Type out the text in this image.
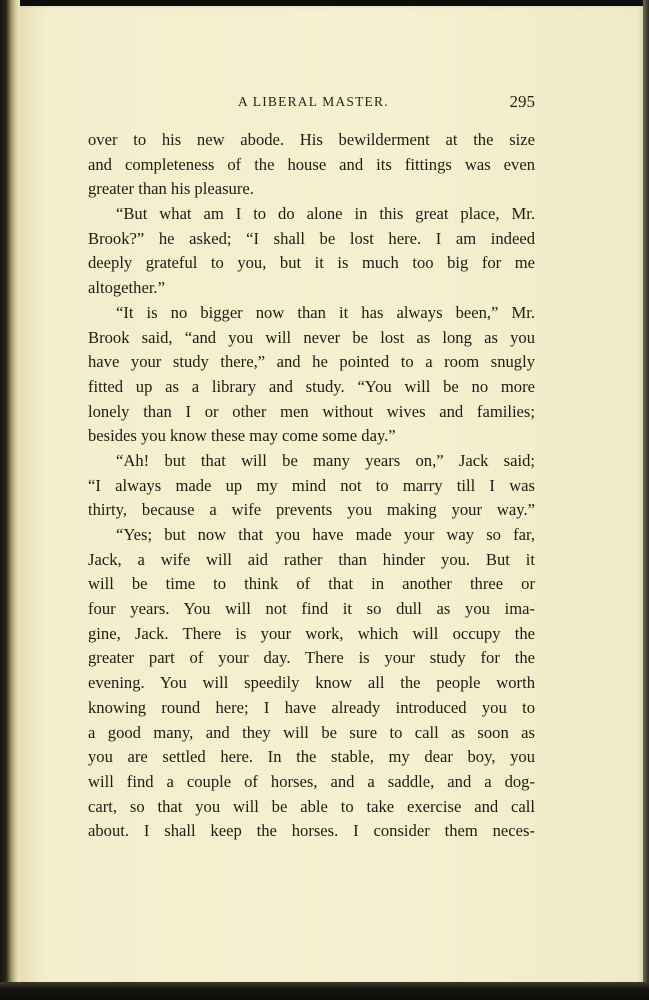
A LIBERAL MASTER.	295
over to his new abode. His bewilderment at the size
and completeness of the house and its fittings was even
greater than his pleasure.
“But what am I to do alone in this great place, Mr.
Brook?” he asked; “I shall be lost here. I am indeed
deeply grateful to you, but it is much too big for me
altogether.”
“It is no bigger now than it has always been,” Mr.
Brook said, “and you will never be lost as long as you
have your study there,” and he pointed to a room snugly
fitted up as a library and study. “You will be no more
lonely than I or other men without wives and families;
besides you know these may come some day.”
“Ah! but that will be many years on,” Jack said;
“I always made up my mind not to marry till I was
thirty, because a wife prevents you making your way.”
“Yes; but now that you have made your way so far,
Jack, a wife will aid rather than hinder you. But it
will be time to think of that in another three or
four years. You will not find it so dull as you ima-
gine, Jack. There is your work, which will occupy the
greater part of your day. There is your study for the
evening. You will speedily know all the people worth
knowing round here; I have already introduced you to
a good many, and they will be sure to call as soon as
you are settled here. In the stable, my dear boy, you
will find a couple of horses, and a saddle, and a dog-
cart, so that you will be able to take exercise and call
about. I shall keep the horses. I consider them neces-
